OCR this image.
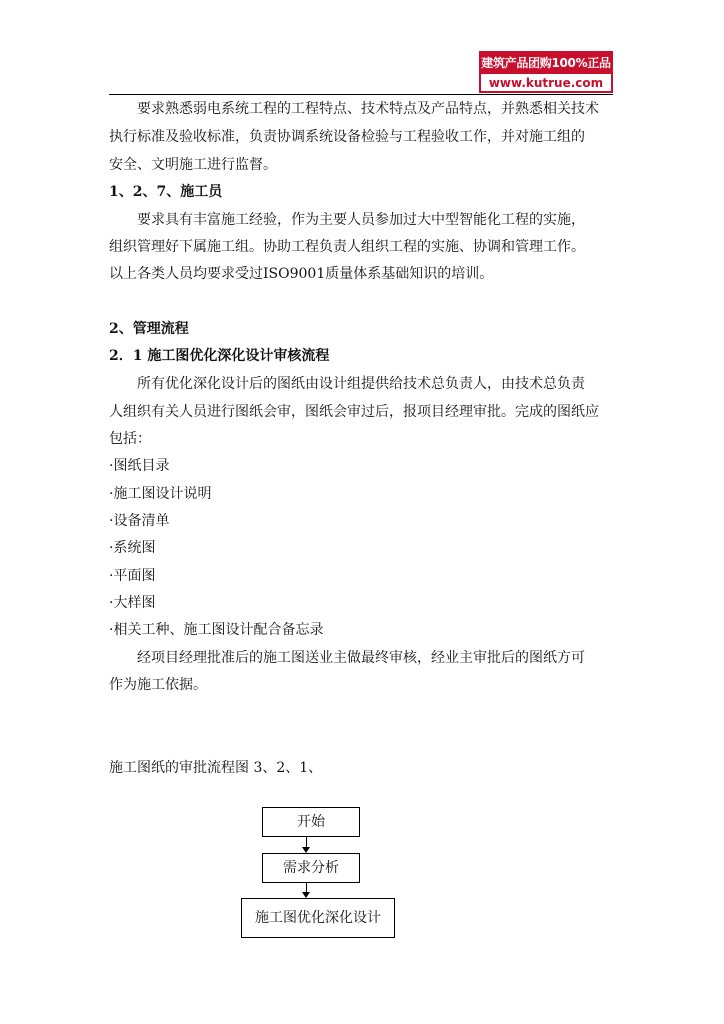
建筑产品团购100%正品
www.kutrue.com
要求熟悉弱电系统工程的工程特点、技术特点及产品特点，并熟悉相关技术
执行标准及验收标准，负责协调系统设备检验与工程验收工作，并对施工组的
安全、文明施工进行监督。
1、2、7、施工员
要求具有丰富施工经验，作为主要人员参加过大中型智能化工程的实施，
组织管理好下属施工组。协助工程负责人组织工程的实施、协调和管理工作。
以上各类人员均要求受过ISO9001质量体系基础知识的培训。
2、管理流程
2．1 施工图优化深化设计审核流程
所有优化深化设计后的图纸由设计组提供给技术总负责人，由技术总负责
人组织有关人员进行图纸会审，图纸会审过后，报项目经理审批。完成的图纸应
包括：
·图纸目录
·施工图设计说明
·设备清单
·系统图
·平面图
·大样图
·相关工种、施工图设计配合备忘录
经项目经理批准后的施工图送业主做最终审核，经业主审批后的图纸方可
作为施工依据。
施工图纸的审批流程图 3、2、1、
开始
需求分析
施工图优化深化设计
